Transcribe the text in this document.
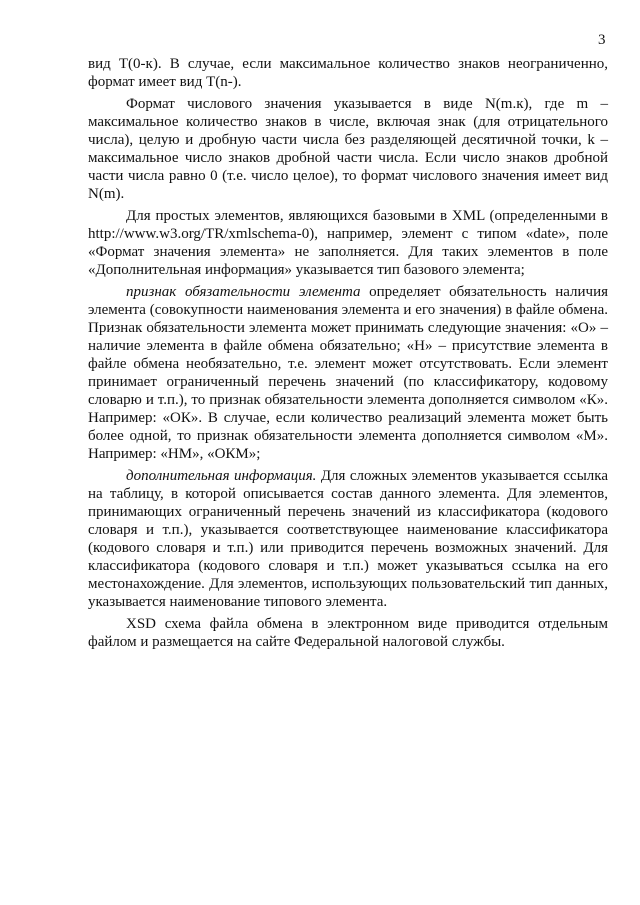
3

вид T(0-к). В случае, если максимальное количество знаков неограниченно, формат имеет вид T(n-).

Формат числового значения указывается в виде N(m.к), где m – максимальное количество знаков в числе, включая знак (для отрицательного числа), целую и дробную части числа без разделяющей десятичной точки, k – максимальное число знаков дробной части числа. Если число знаков дробной части числа равно 0 (т.е. число целое), то формат числового значения имеет вид N(m).

Для простых элементов, являющихся базовыми в XML (определенными в http://www.w3.org/TR/xmlschema-0), например, элемент с типом «date», поле «Формат значения элемента» не заполняется. Для таких элементов в поле «Дополнительная информация» указывается тип базового элемента;

признак обязательности элемента определяет обязательность наличия элемента (совокупности наименования элемента и его значения) в файле обмена. Признак обязательности элемента может принимать следующие значения: «О» – наличие элемента в файле обмена обязательно; «Н» – присутствие элемента в файле обмена необязательно, т.е. элемент может отсутствовать. Если элемент принимает ограниченный перечень значений (по классификатору, кодовому словарю и т.п.), то признак обязательности элемента дополняется символом «К». Например: «ОК». В случае, если количество реализаций элемента может быть более одной, то признак обязательности элемента дополняется символом «М». Например: «НМ», «ОКМ»;

дополнительная информация. Для сложных элементов указывается ссылка на таблицу, в которой описывается состав данного элемента. Для элементов, принимающих ограниченный перечень значений из классификатора (кодового словаря и т.п.), указывается соответствующее наименование классификатора (кодового словаря и т.п.) или приводится перечень возможных значений. Для классификатора (кодового словаря и т.п.) может указываться ссылка на его местонахождение. Для элементов, использующих пользовательский тип данных, указывается наименование типового элемента.

XSD схема файла обмена в электронном виде приводится отдельным файлом и размещается на сайте Федеральной налоговой службы.
